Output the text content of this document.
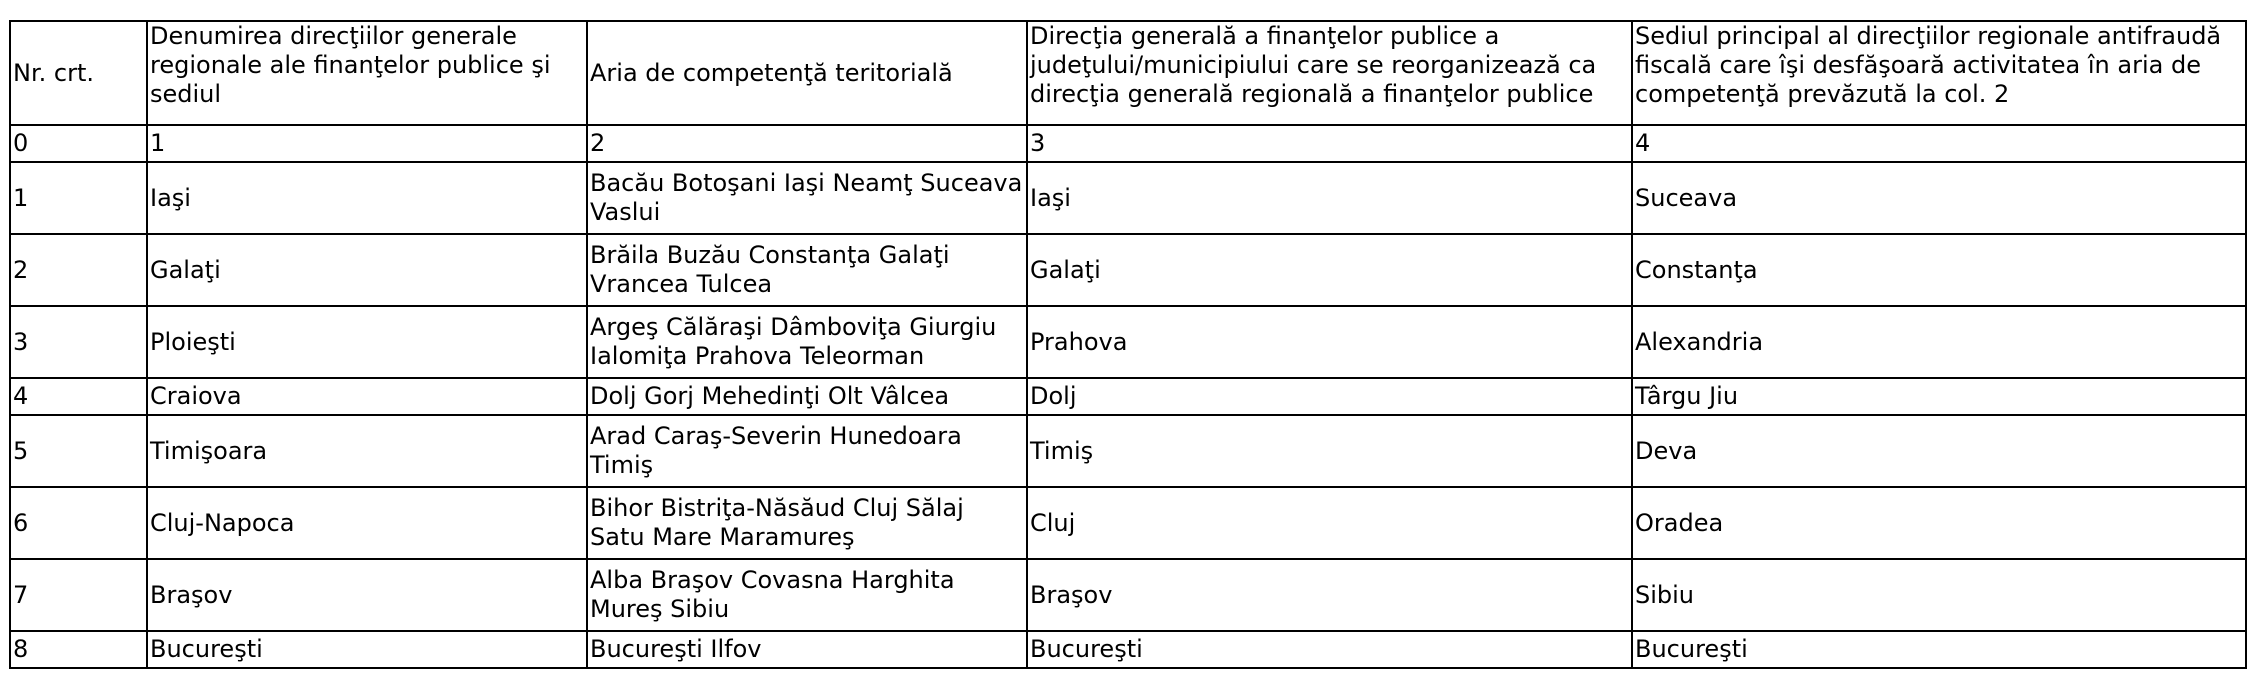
Nr. crt.	Denumirea direcţiilor generale regionale ale finanţelor publice şi sediul	Aria de competenţă teritorială	Direcţia generală a finanţelor publice a judeţului/municipiului care se reorganizează ca direcţia generală regională a finanţelor publice	Sediul principal al direcţiilor regionale antifraudă fiscală care îşi desfăşoară activitatea în aria de competenţă prevăzută la col. 2
0	1	2	3	4
1	Iaşi	Bacău Botoşani Iaşi Neamţ Suceava Vaslui	Iaşi	Suceava
2	Galaţi	Brăila Buzău Constanţa Galaţi Vrancea Tulcea	Galaţi	Constanţa
3	Ploieşti	Argeş Călăraşi Dâmboviţa Giurgiu Ialomiţa Prahova Teleorman	Prahova	Alexandria
4	Craiova	Dolj Gorj Mehedinţi Olt Vâlcea	Dolj	Târgu Jiu
5	Timişoara	Arad Caraş-Severin Hunedoara Timiş	Timiş	Deva
6	Cluj-Napoca	Bihor Bistriţa-Năsăud Cluj Sălaj Satu Mare Maramureş	Cluj	Oradea
7	Braşov	Alba Braşov Covasna Harghita Mureş Sibiu	Braşov	Sibiu
8	Bucureşti	Bucureşti Ilfov	Bucureşti	Bucureşti
